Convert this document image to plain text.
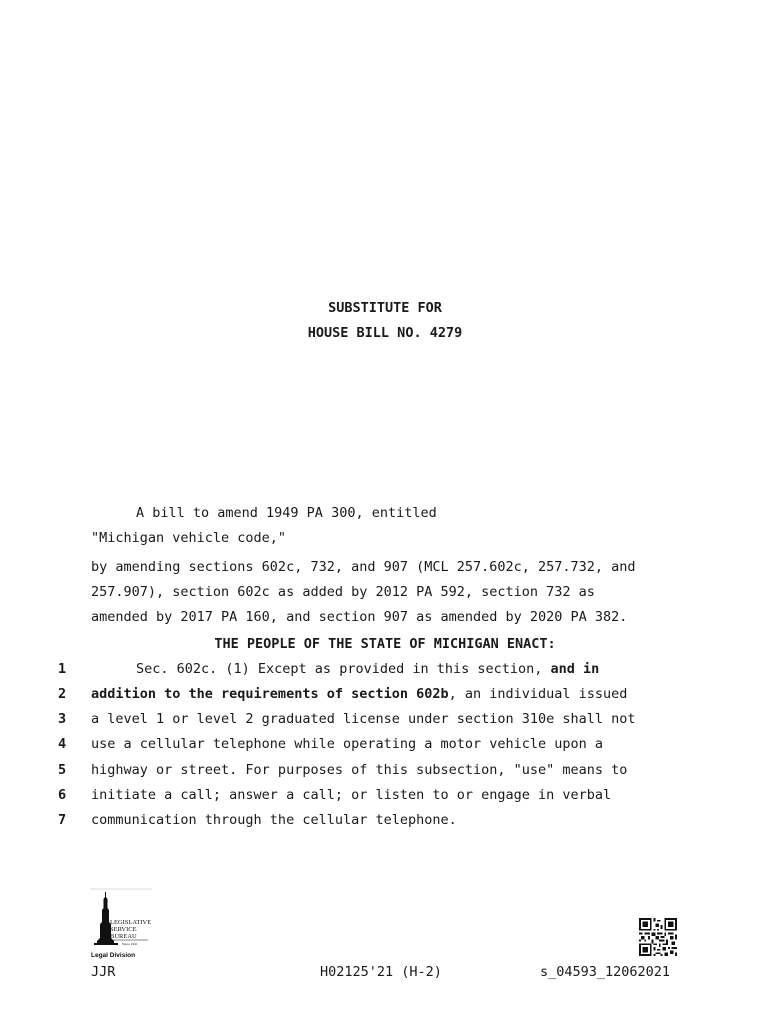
SUBSTITUTE FOR
HOUSE BILL NO. 4279
A bill to amend 1949 PA 300, entitled
"Michigan vehicle code,"
by amending sections 602c, 732, and 907 (MCL 257.602c, 257.732, and
257.907), section 602c as added by 2012 PA 592, section 732 as
amended by 2017 PA 160, and section 907 as amended by 2020 PA 382.
THE PEOPLE OF THE STATE OF MICHIGAN ENACT:
1	Sec. 602c. (1) Except as provided in this section, and in
2 addition to the requirements of section 602b, an individual issued
3 a level 1 or level 2 graduated license under section 310e shall not
4 use a cellular telephone while operating a motor vehicle upon a
5 highway or street. For purposes of this subsection, "use" means to
6 initiate a call; answer a call; or listen to or engage in verbal
7 communication through the cellular telephone.
LEGISLATIVE
SERVICE
BUREAU
Since 1941
Legal Division
JJR	H02125'21 (H-2)	s_04593_12062021
